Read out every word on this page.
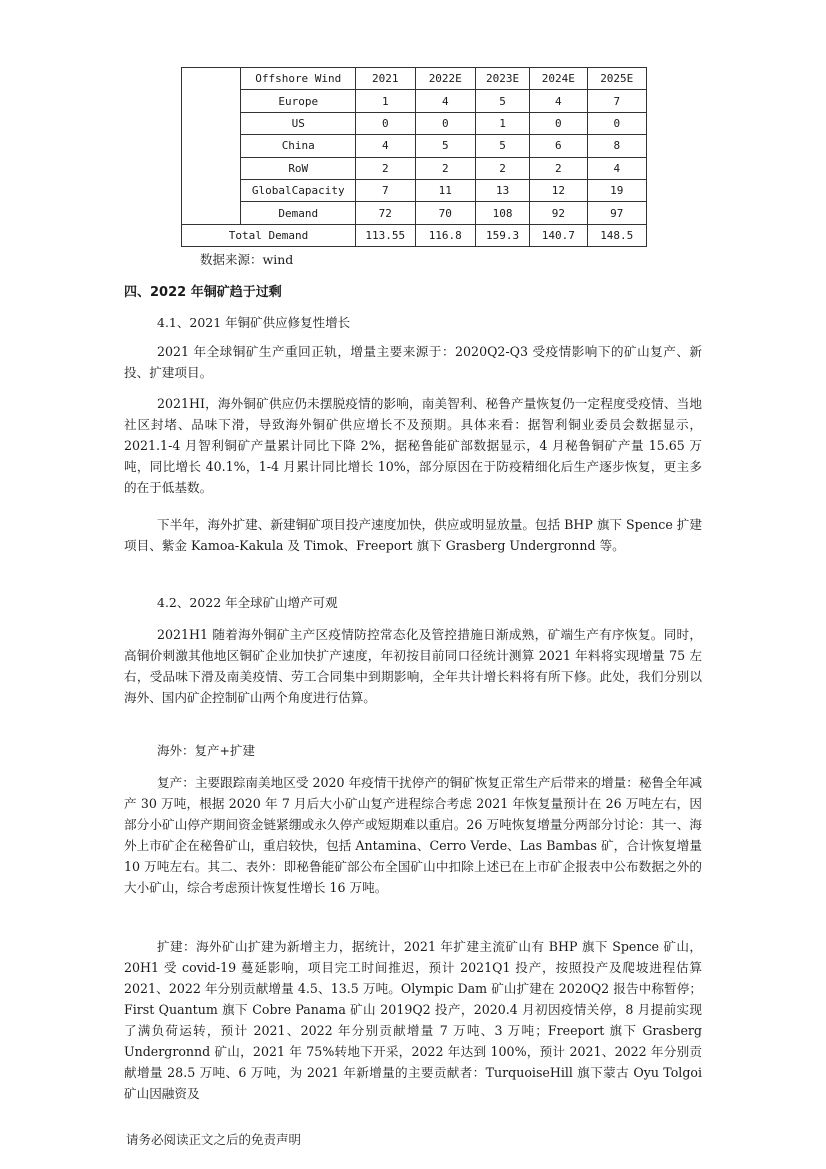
	Offshore Wind	2021	2022E	2023E	2024E	2025E
	Europe	1	4	5	4	7
	US	0	0	1	0	0
	China	4	5	5	6	8
	RoW	2	2	2	2	4
	GlobalCapacity	7	11	13	12	19
	Demand	72	70	108	92	97
Total Demand		113.55	116.8	159.3	140.7	148.5
数据来源：wind
四、2022 年铜矿趋于过剩
4.1、2021 年铜矿供应修复性增长

2021 年全球铜矿生产重回正轨，增量主要来源于：2020Q2-Q3 受疫情影响下的矿山复产、新投、扩建项目。

2021HI，海外铜矿供应仍未摆脱疫情的影响，南美智利、秘鲁产量恢复仍一定程度受疫情、当地社区封堵、品味下滑，导致海外铜矿供应增长不及预期。具体来看：据智利铜业委员会数据显示，2021.1-4 月智利铜矿产量累计同比下降 2%，据秘鲁能矿部数据显示，4 月秘鲁铜矿产量 15.65 万吨，同比增长 40.1%，1-4 月累计同比增长 10%，部分原因在于防疫精细化后生产逐步恢复，更主多的在于低基数。

下半年，海外扩建、新建铜矿项目投产速度加快，供应或明显放量。包括 BHP 旗下 Spence 扩建项目、紫金 Kamoa-Kakula 及 Timok、Freeport 旗下 Grasberg Undergronnd 等。

4.2、2022 年全球矿山增产可观

2021H1 随着海外铜矿主产区疫情防控常态化及管控措施日渐成熟，矿端生产有序恢复。同时，高铜价刺激其他地区铜矿企业加快扩产速度，年初按目前同口径统计测算 2021 年料将实现增量 75 左右，受品味下滑及南美疫情、劳工合同集中到期影响，全年共计增长料将有所下修。此处，我们分别以海外、国内矿企控制矿山两个角度进行估算。

海外：复产+扩建

复产：主要跟踪南美地区受 2020 年疫情干扰停产的铜矿恢复正常生产后带来的增量：秘鲁全年减产 30 万吨，根据 2020 年 7 月后大小矿山复产进程综合考虑 2021 年恢复量预计在 26 万吨左右，因部分小矿山停产期间资金链紧绷或永久停产或短期难以重启。26 万吨恢复增量分两部分讨论：其一、海外上市矿企在秘鲁矿山，重启较快，包括 Antamina、Cerro Verde、Las Bambas 矿，合计恢复增量 10 万吨左右。其二、表外：即秘鲁能矿部公布全国矿山中扣除上述已在上市矿企报表中公布数据之外的大小矿山，综合考虑预计恢复性增长 16 万吨。

扩建：海外矿山扩建为新增主力，据统计，2021 年扩建主流矿山有 BHP 旗下 Spence 矿山，20H1 受 covid-19 蔓延影响，项目完工时间推迟，预计 2021Q1 投产，按照投产及爬坡进程估算 2021、2022 年分别贡献增量 4.5、13.5 万吨。Olympic Dam 矿山扩建在 2020Q2 报告中称暂停；First Quantum 旗下 Cobre Panama 矿山 2019Q2 投产，2020.4 月初因疫情关停，8 月提前实现了满负荷运转，预计 2021、2022 年分别贡献增量 7 万吨、3 万吨；Freeport 旗下 Grasberg Undergronnd 矿山，2021 年 75%转地下开采，2022 年达到 100%，预计 2021、2022 年分别贡献增量 28.5 万吨、6 万吨，为 2021 年新增量的主要贡献者：TurquoiseHill 旗下蒙古 Oyu Tolgoi 矿山因融资及

请务必阅读正文之后的免责声明
